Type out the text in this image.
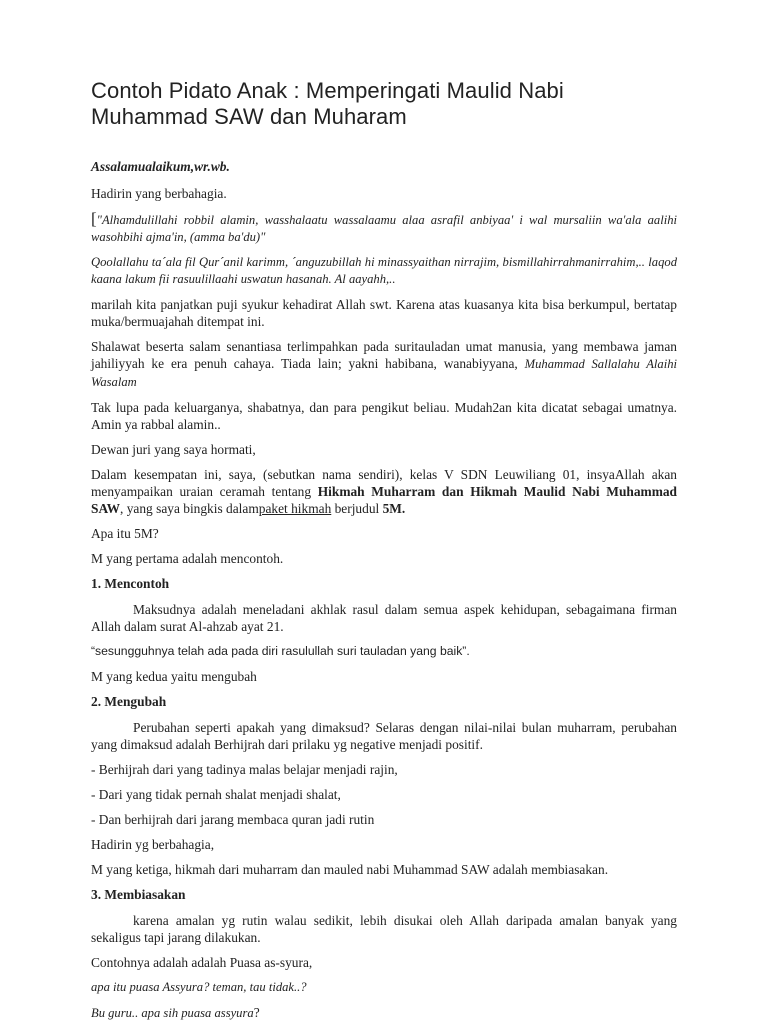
Contoh Pidato Anak : Memperingati Maulid Nabi
Muhammad SAW dan Muharam

Assalamualaikum,wr.wb.

Hadirin yang berbahagia.

["Alhamdulillahi robbil alamin, wasshalaatu wassalaamu alaa asrafil anbiyaa' i wal mursaliin wa'ala aalihi wasohbihi ajma'in, (amma ba'du)"

Qoolallahu ta´ala fil Qur´anil karimm, ´anguzubillah hi minassyaithan nirrajim, bismillahirrahmanirrahim,.. laqod kaana lakum fii rasuulillaahi uswatun hasanah. Al aayahh,..

marilah kita panjatkan puji syukur kehadirat Allah swt. Karena atas kuasanya kita bisa berkumpul, bertatap muka/bermuajahah ditempat ini.

Shalawat beserta salam senantiasa terlimpahkan pada suritauladan umat manusia, yang membawa jaman jahiliyyah ke era penuh cahaya. Tiada lain; yakni habibana, wanabiyyana, Muhammad Sallalahu Alaihi Wasalam

Tak lupa pada keluarganya, shabatnya, dan para pengikut beliau. Mudah2an kita dicatat sebagai umatnya. Amin ya rabbal alamin..

Dewan juri yang saya hormati,

Dalam kesempatan ini, saya, (sebutkan nama sendiri), kelas V SDN Leuwiliang 01, insyaAllah akan menyampaikan uraian ceramah tentang Hikmah Muharram dan Hikmah Maulid Nabi Muhammad SAW, yang saya bingkis dalampaket hikmah berjudul 5M.

Apa itu 5M?

M yang pertama adalah mencontoh.

1. Mencontoh

Maksudnya adalah meneladani akhlak rasul dalam semua aspek kehidupan, sebagaimana firman Allah dalam surat Al-ahzab ayat 21.

“sesungguhnya telah ada pada diri rasulullah suri tauladan yang baik”.

M yang kedua yaitu mengubah

2. Mengubah

Perubahan seperti apakah yang dimaksud? Selaras dengan nilai-nilai bulan muharram, perubahan yang dimaksud adalah Berhijrah dari prilaku yg negative menjadi positif.

- Berhijrah dari yang tadinya malas belajar menjadi rajin,

- Dari yang tidak pernah shalat menjadi shalat,

- Dan berhijrah dari jarang membaca quran jadi rutin

Hadirin yg berbahagia,

M yang ketiga, hikmah dari muharram dan mauled nabi Muhammad SAW adalah membiasakan.

3. Membiasakan

karena amalan yg rutin walau sedikit, lebih disukai oleh Allah daripada amalan banyak yang sekaligus tapi jarang dilakukan.

Contohnya adalah adalah Puasa as-syura,

apa itu puasa Assyura? teman, tau tidak..?

Bu guru.. apa sih puasa assyura?
